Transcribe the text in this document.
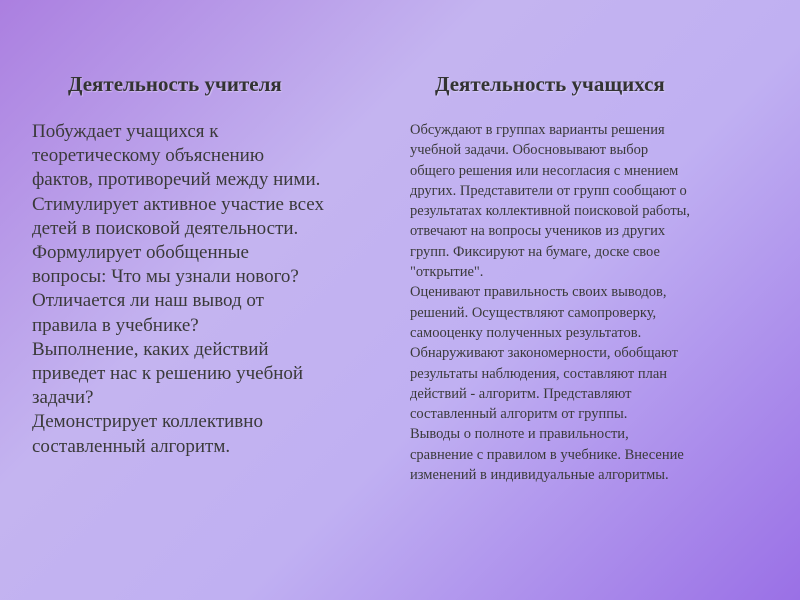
Деятельность учителя	Деятельность учащихся
Побуждает учащихся к
теоретическому объяснению
фактов, противоречий между ними.
Стимулирует активное участие всех
детей в поисковой деятельности.
Формулирует обобщенные
вопросы: Что мы узнали нового?
Отличается ли наш вывод от
правила в учебнике?
Выполнение, каких действий
приведет нас к решению учебной
задачи?
Демонстрирует коллективно
составленный алгоритм.
Обсуждают в группах варианты решения
учебной задачи. Обосновывают выбор
общего решения или несогласия с мнением
других. Представители от групп сообщают о
результатах коллективной поисковой работы,
отвечают на вопросы учеников из других
групп. Фиксируют на бумаге, доске свое
"открытие".
Оценивают правильность своих выводов,
решений. Осуществляют самопроверку,
самооценку полученных результатов.
Обнаруживают закономерности, обобщают
результаты наблюдения, составляют план
действий - алгоритм. Представляют
составленный алгоритм от группы.
Выводы о полноте и правильности,
сравнение с правилом в учебнике. Внесение
изменений в индивидуальные алгоритмы.
